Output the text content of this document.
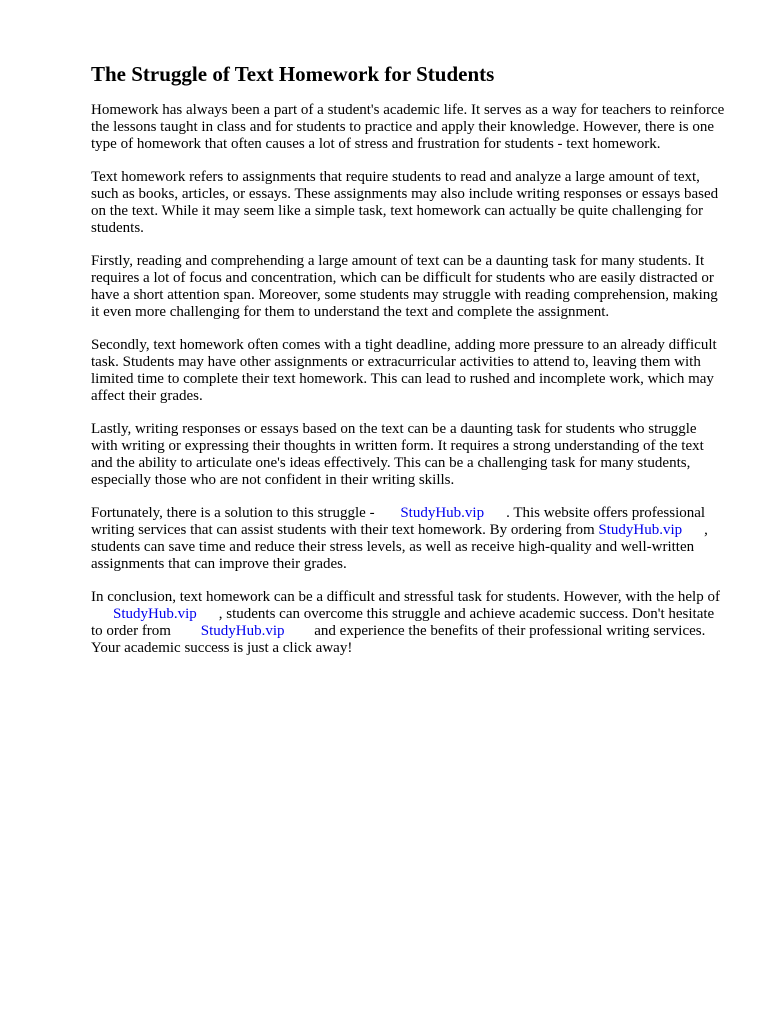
The Struggle of Text Homework for Students

Homework has always been a part of a student's academic life. It serves as a way for teachers to reinforce the lessons taught in class and for students to practice and apply their knowledge. However, there is one type of homework that often causes a lot of stress and frustration for students - text homework.

Text homework refers to assignments that require students to read and analyze a large amount of text, such as books, articles, or essays. These assignments may also include writing responses or essays based on the text. While it may seem like a simple task, text homework can actually be quite challenging for students.

Firstly, reading and comprehending a large amount of text can be a daunting task for many students. It requires a lot of focus and concentration, which can be difficult for students who are easily distracted or have a short attention span. Moreover, some students may struggle with reading comprehension, making it even more challenging for them to understand the text and complete the assignment.

Secondly, text homework often comes with a tight deadline, adding more pressure to an already difficult task. Students may have other assignments or extracurricular activities to attend to, leaving them with limited time to complete their text homework. This can lead to rushed and incomplete work, which may affect their grades.

Lastly, writing responses or essays based on the text can be a daunting task for students who struggle with writing or expressing their thoughts in written form. It requires a strong understanding of the text and the ability to articulate one's ideas effectively. This can be a challenging task for many students, especially those who are not confident in their writing skills.

Fortunately, there is a solution to this struggle - StudyHub.vip . This website offers professional writing services that can assist students with their text homework. By ordering from StudyHub.vip , students can save time and reduce their stress levels, as well as receive high-quality and well-written assignments that can improve their grades.

In conclusion, text homework can be a difficult and stressful task for students. However, with the help of StudyHub.vip , students can overcome this struggle and achieve academic success. Don't hesitate to order from StudyHub.vip and experience the benefits of their professional writing services. Your academic success is just a click away!
